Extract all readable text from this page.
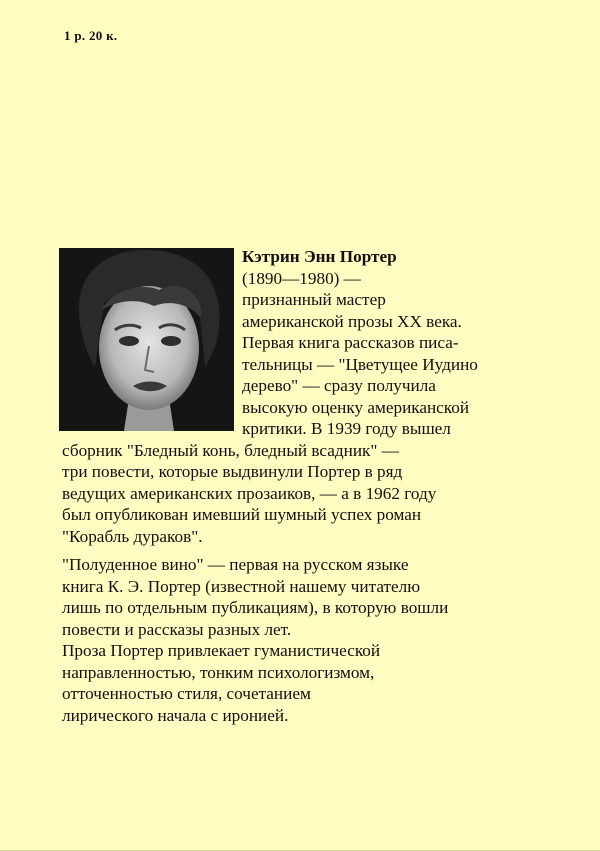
1 р. 20 к.
Кэтрин Энн Портер
(1890—1980) —
признанный мастер
американской прозы XX века.
Первая книга рассказов писа-
тельницы — "Цветущее Иудино
дерево" — сразу получила
высокую оценку американской
критики. В 1939 году вышел
сборник "Бледный конь, бледный всадник" —
три повести, которые выдвинули Портер в ряд
ведущих американских прозаиков, — а в 1962 году
был опубликован имевший шумный успех роман
"Корабль дураков".
"Полуденное вино" — первая на русском языке
книга К. Э. Портер (известной нашему читателю
лишь по отдельным публикациям), в которую вошли
повести и рассказы разных лет.
Проза Портер привлекает гуманистической
направленностью, тонким психологизмом,
отточенностью стиля, сочетанием
лирического начала с иронией.
